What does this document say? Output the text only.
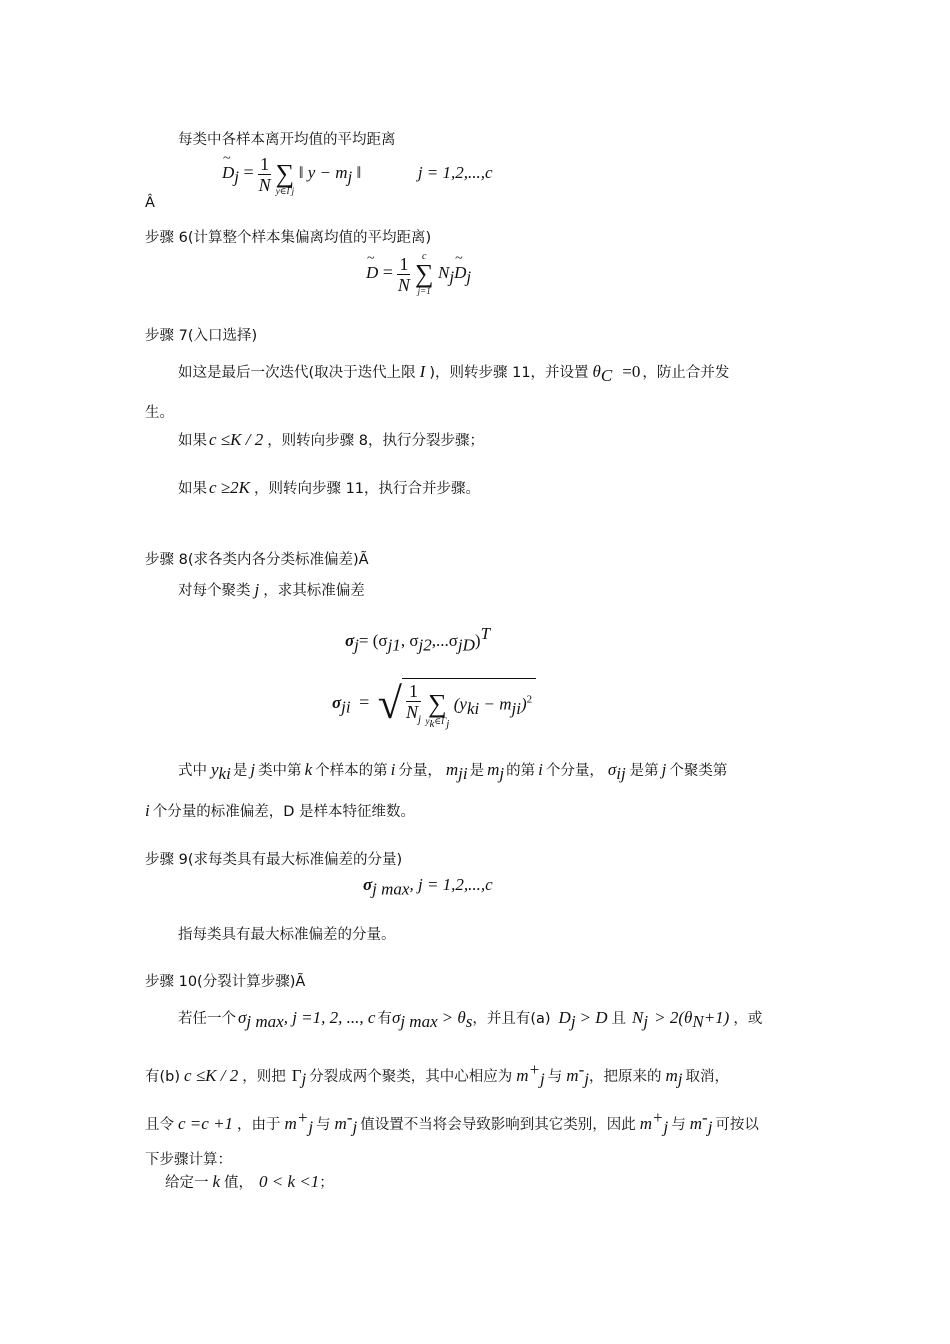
每类中各样本离开均值的平均距离
~ $D_j = \frac{1}{N}$

∑
y∈Γj
‖ $y - m_j$ ‖	j = 1,2,...,c
Â
步骤 6(计算整个样本集偏离均值的平均距离)
~ $D = \frac{1}{N}$
	c
∑
j=1
$N_j\sim$ $D_j$
步骤 7(入口选择)
如这是最后一次迭代(取决于迭代上限 I )，则转步骤 11，并设置 $\theta_C =0$ ，防止合并发
生。
如果 c ≤K / 2 ，则转向步骤 8，执行分裂步骤；
如果 c ≥2K ，则转向步骤 11，执行合并步骤。
步骤 8(求各类内各分类标准偏差)Ã
对每个聚类 j ，求其标准偏差
$\sigma_j= (\sigma_{j1}$, $\sigma_{j2},...\sigma_{jD})^T$
$\sigma_{ji}$ = √ $\frac{1}{N_j}$

∑
$y_k\in\Gamma_j$
$(y_{ki} - m_{ji})^2$
式中 $y_{ki}$ 是 j 类中第 k 个样本的第 i 分量， $m_{ji}$ 是 $m_j$ 的第 i 个分量， $\sigma_{ij}$ 是第 j 个聚类第
i 个分量的标准偏差，D 是样本特征维数。
步骤 9(求每类具有最大标准偏差的分量)
$\sigma_{j max}$, j = 1,2,...,c
指每类具有最大标准偏差的分量。
步骤 10(分裂计算步骤)Ã
若任一个 $\sigma_{j max}$, j =1, 2, ..., c 有$\sigma_{j max} > \theta_s$，并且有(a) $D_j > D$ 且 $N_j > 2(\theta_N+1)$ ，或
有(b) c ≤K / 2 ，则把 $\Gamma_j$ 分裂成两个聚类，其中心相应为 $m^+_j$ 与 $m^-_j$，把原来的 $m_j$ 取消，
且令 c =c +1 ，由于 $m^+_j$ 与 $m^-_j$ 值设置不当将会导致影响到其它类别，因此 $m^+_j$ 与 $m^-_j$ 可按以
下步骤计算：
给定一 k 值， 0 < k <1；
